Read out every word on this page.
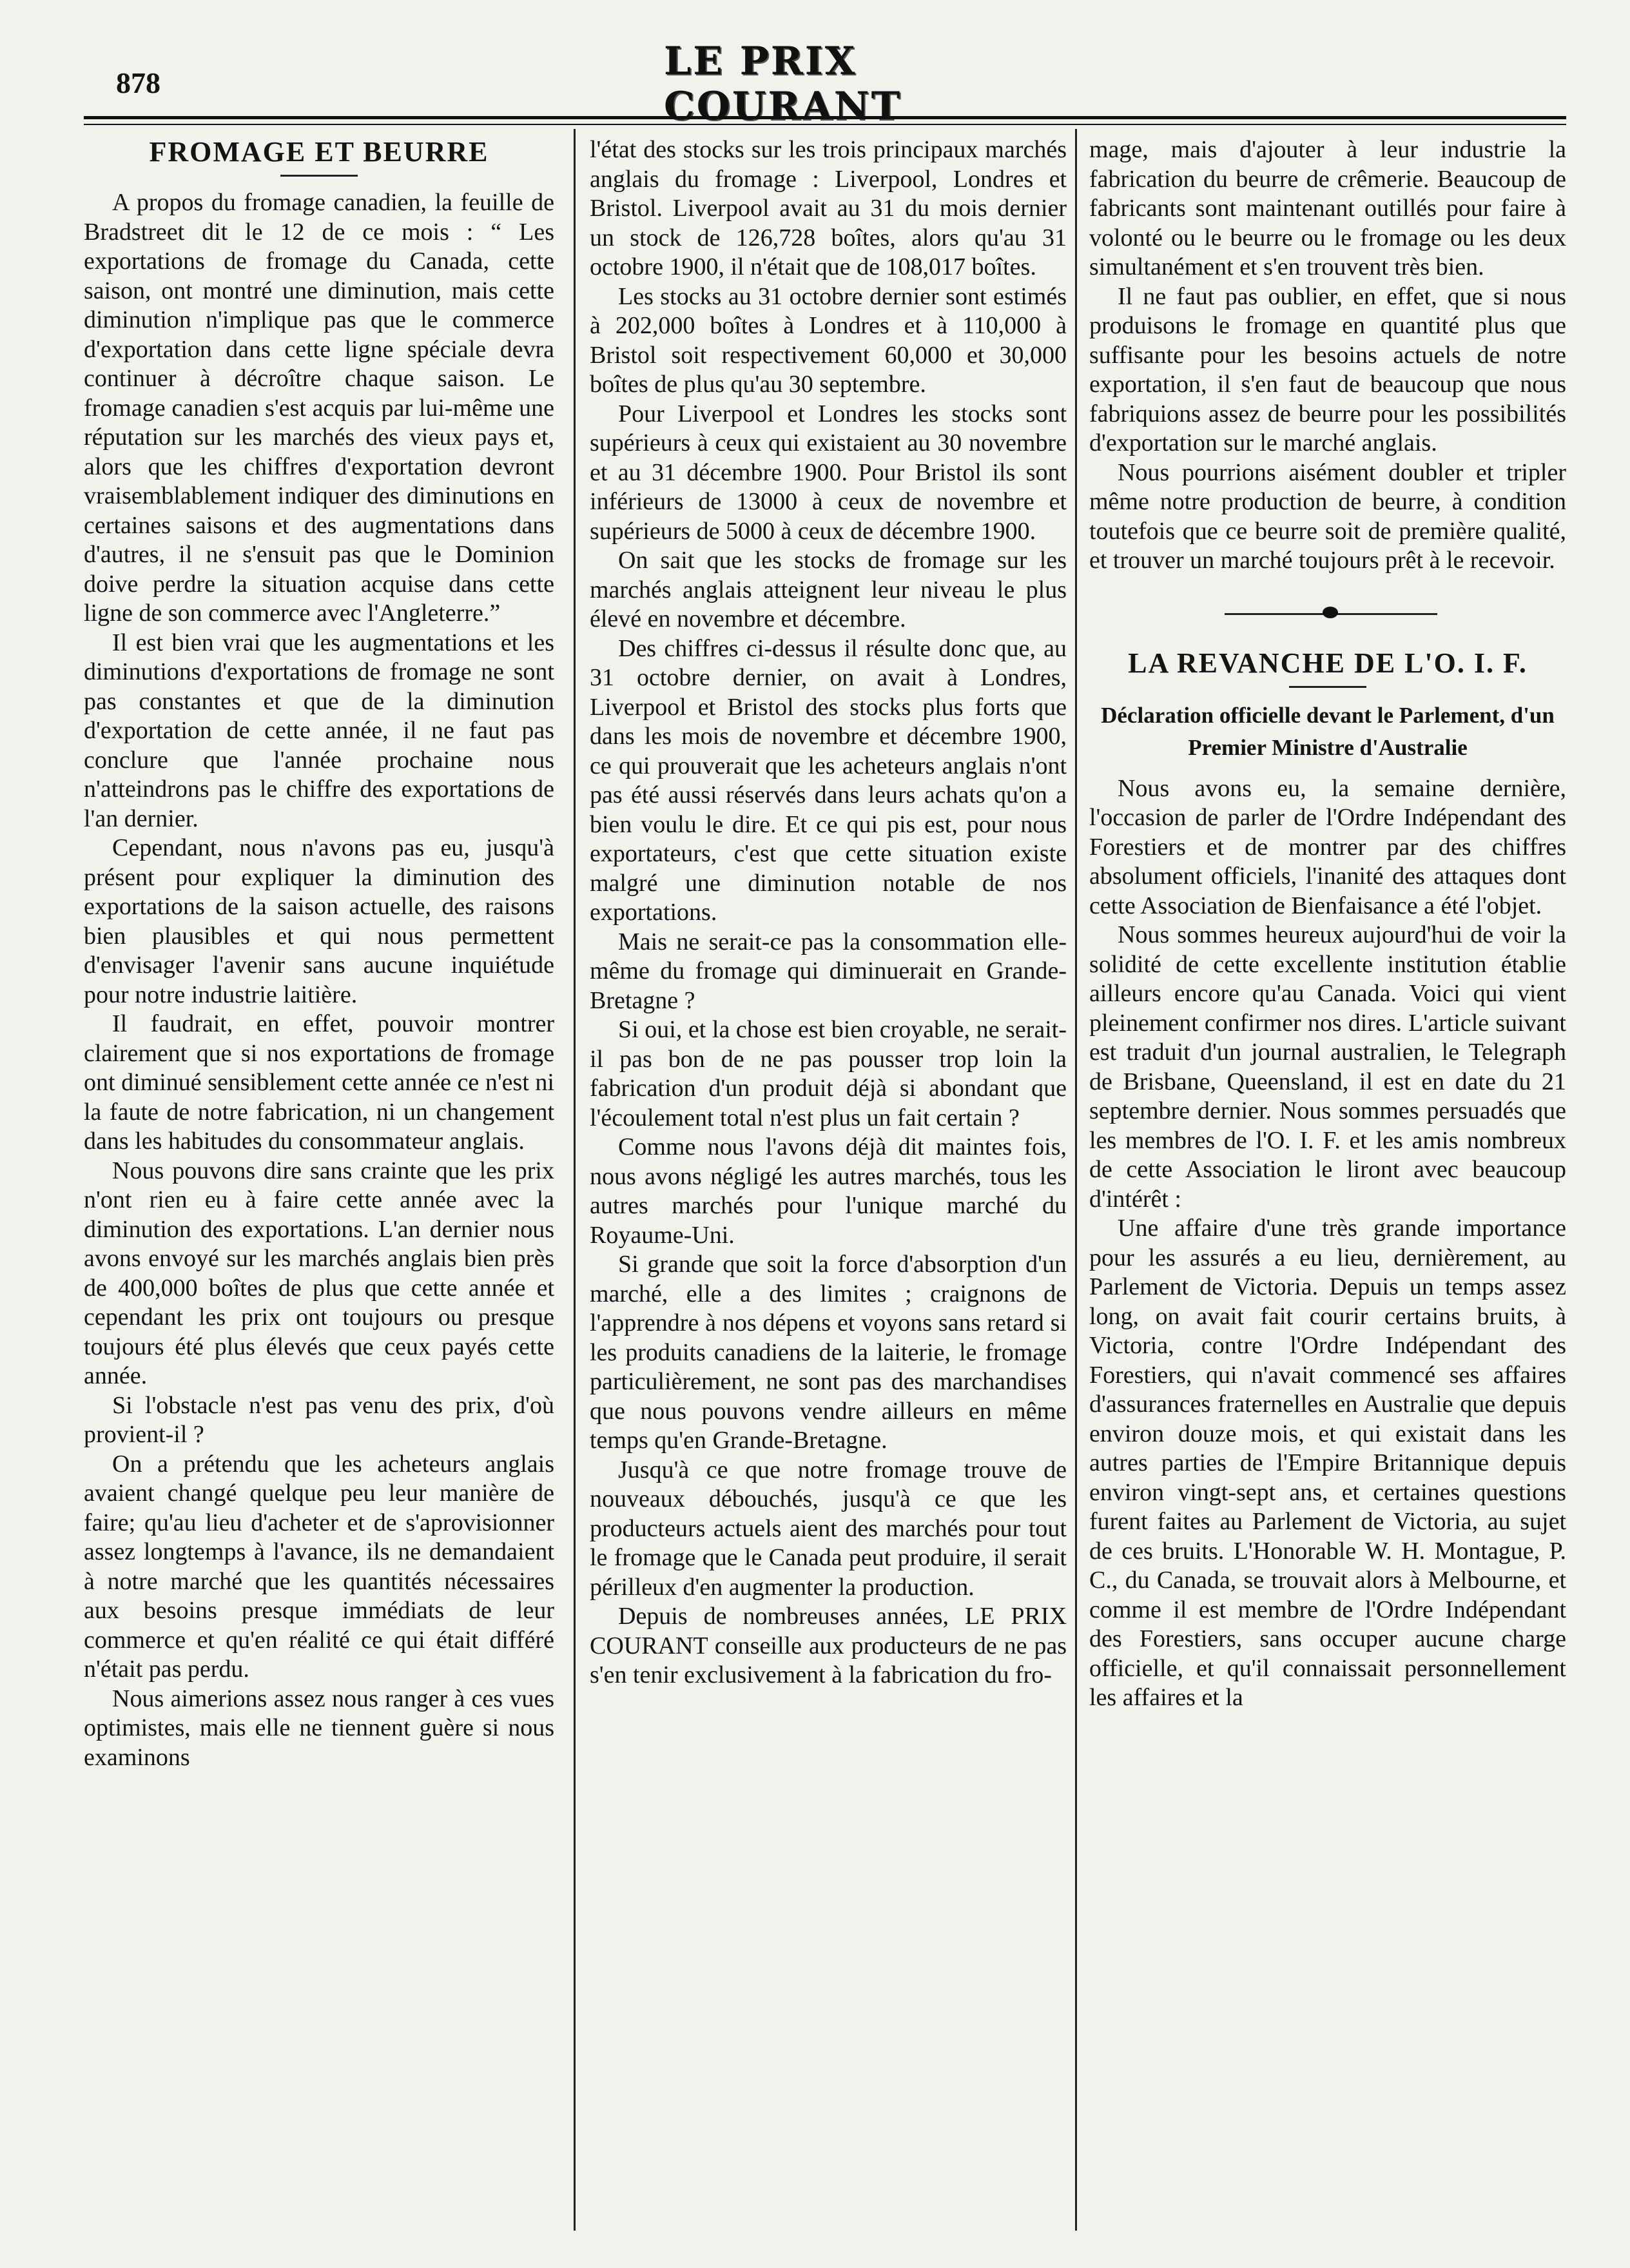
878	LE PRIX COURANT
FROMAGE ET BEURRE

A propos du fromage canadien, la feuille de Bradstreet dit le 12 de ce mois : “ Les exportations de fromage du Canada, cette saison, ont montré une diminution, mais cette diminution n'implique pas que le commerce d'exportation dans cette ligne spéciale devra continuer à décroître chaque saison. Le fromage canadien s'est acquis par lui-même une réputation sur les marchés des vieux pays et, alors que les chiffres d'exportation devront vraisemblablement indiquer des diminutions en certaines saisons et des augmentations dans d'autres, il ne s'ensuit pas que le Dominion doive perdre la situation acquise dans cette ligne de son commerce avec l'Angleterre.”

Il est bien vrai que les augmentations et les diminutions d'exportations de fromage ne sont pas constantes et que de la diminution d'exportation de cette année, il ne faut pas conclure que l'année prochaine nous n'atteindrons pas le chiffre des exportations de l'an dernier.

Cependant, nous n'avons pas eu, jusqu'à présent pour expliquer la diminution des exportations de la saison actuelle, des raisons bien plausibles et qui nous permettent d'envisager l'avenir sans aucune inquiétude pour notre industrie laitière.

Il faudrait, en effet, pouvoir montrer clairement que si nos exportations de fromage ont diminué sensiblement cette année ce n'est ni la faute de notre fabrication, ni un changement dans les habitudes du consommateur anglais.

Nous pouvons dire sans crainte que les prix n'ont rien eu à faire cette année avec la diminution des exportations. L'an dernier nous avons envoyé sur les marchés anglais bien près de 400,000 boîtes de plus que cette année et cependant les prix ont toujours ou presque toujours été plus élevés que ceux payés cette année.

Si l'obstacle n'est pas venu des prix, d'où provient-il ?

On a prétendu que les acheteurs anglais avaient changé quelque peu leur manière de faire; qu'au lieu d'acheter et de s'aprovisionner assez longtemps à l'avance, ils ne demandaient à notre marché que les quantités nécessaires aux besoins presque immédiats de leur commerce et qu'en réalité ce qui était différé n'était pas perdu.

Nous aimerions assez nous ranger à ces vues optimistes, mais elle ne tiennent guère si nous examinons

l'état des stocks sur les trois principaux marchés anglais du fromage : Liverpool, Londres et Bristol. Liverpool avait au 31 du mois dernier un stock de 126,728 boîtes, alors qu'au 31 octobre 1900, il n'était que de 108,017 boîtes.

Les stocks au 31 octobre dernier sont estimés à 202,000 boîtes à Londres et à 110,000 à Bristol soit respectivement 60,000 et 30,000 boîtes de plus qu'au 30 septembre.

Pour Liverpool et Londres les stocks sont supérieurs à ceux qui existaient au 30 novembre et au 31 décembre 1900. Pour Bristol ils sont inférieurs de 13000 à ceux de novembre et supérieurs de 5000 à ceux de décembre 1900.

On sait que les stocks de fromage sur les marchés anglais atteignent leur niveau le plus élevé en novembre et décembre.

Des chiffres ci-dessus il résulte donc que, au 31 octobre dernier, on avait à Londres, Liverpool et Bristol des stocks plus forts que dans les mois de novembre et décembre 1900, ce qui prouverait que les acheteurs anglais n'ont pas été aussi réservés dans leurs achats qu'on a bien voulu le dire. Et ce qui pis est, pour nous exportateurs, c'est que cette situation existe malgré une diminution notable de nos exportations.

Mais ne serait-ce pas la consommation elle-même du fromage qui diminuerait en Grande-Bretagne ?

Si oui, et la chose est bien croyable, ne serait-il pas bon de ne pas pousser trop loin la fabrication d'un produit déjà si abondant que l'écoulement total n'est plus un fait certain ?

Comme nous l'avons déjà dit maintes fois, nous avons négligé les autres marchés, tous les autres marchés pour l'unique marché du Royaume-Uni.

Si grande que soit la force d'absorption d'un marché, elle a des limites ; craignons de l'apprendre à nos dépens et voyons sans retard si les produits canadiens de la laiterie, le fromage particulièrement, ne sont pas des marchandises que nous pouvons vendre ailleurs en même temps qu'en Grande-Bretagne.

Jusqu'à ce que notre fromage trouve de nouveaux débouchés, jusqu'à ce que les producteurs actuels aient des marchés pour tout le fromage que le Canada peut produire, il serait périlleux d'en augmenter la production.

Depuis de nombreuses années, LE PRIX COURANT conseille aux producteurs de ne pas s'en tenir exclusivement à la fabrication du fro-

mage, mais d'ajouter à leur industrie la fabrication du beurre de crêmerie. Beaucoup de fabricants sont maintenant outillés pour faire à volonté ou le beurre ou le fromage ou les deux simultanément et s'en trouvent très bien.

Il ne faut pas oublier, en effet, que si nous produisons le fromage en quantité plus que suffisante pour les besoins actuels de notre exportation, il s'en faut de beaucoup que nous fabriquions assez de beurre pour les possibilités d'exportation sur le marché anglais.

Nous pourrions aisément doubler et tripler même notre production de beurre, à condition toutefois que ce beurre soit de première qualité, et trouver un marché toujours prêt à le recevoir.

LA REVANCHE DE L'O. I. F.
Déclaration officielle devant le Parlement, d'un Premier Ministre d'Australie

Nous avons eu, la semaine dernière, l'occasion de parler de l'Ordre Indépendant des Forestiers et de montrer par des chiffres absolument officiels, l'inanité des attaques dont cette Association de Bienfaisance a été l'objet.

Nous sommes heureux aujourd'hui de voir la solidité de cette excellente institution établie ailleurs encore qu'au Canada. Voici qui vient pleinement confirmer nos dires. L'article suivant est traduit d'un journal australien, le Telegraph de Brisbane, Queensland, il est en date du 21 septembre dernier. Nous sommes persuadés que les membres de l'O. I. F. et les amis nombreux de cette Association le liront avec beaucoup d'intérêt :

Une affaire d'une très grande importance pour les assurés a eu lieu, dernièrement, au Parlement de Victoria. Depuis un temps assez long, on avait fait courir certains bruits, à Victoria, contre l'Ordre Indépendant des Forestiers, qui n'avait commencé ses affaires d'assurances fraternelles en Australie que depuis environ douze mois, et qui existait dans les autres parties de l'Empire Britannique depuis environ vingt-sept ans, et certaines questions furent faites au Parlement de Victoria, au sujet de ces bruits. L'Honorable W. H. Montague, P. C., du Canada, se trouvait alors à Melbourne, et comme il est membre de l'Ordre Indépendant des Forestiers, sans occuper aucune charge officielle, et qu'il connaissait personnellement les affaires et la
